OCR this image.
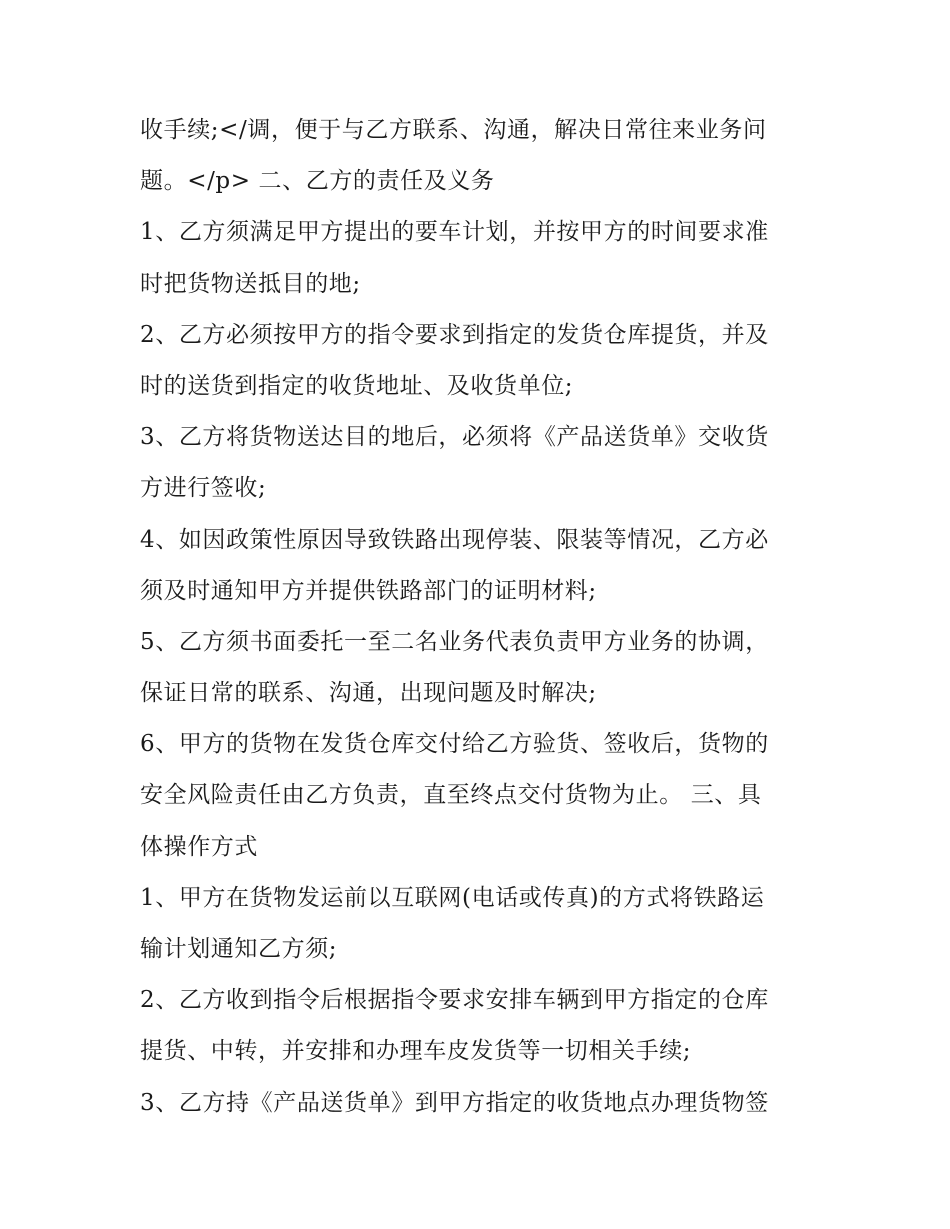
收手续;</调，便于与乙方联系、沟通，解决日常往来业务问
题。</p> 二、乙方的责任及义务
1、乙方须满足甲方提出的要车计划，并按甲方的时间要求准
时把货物送抵目的地;
2、乙方必须按甲方的指令要求到指定的发货仓库提货，并及
时的送货到指定的收货地址、及收货单位;
3、乙方将货物送达目的地后，必须将《产品送货单》交收货
方进行签收;
4、如因政策性原因导致铁路出现停装、限装等情况，乙方必
须及时通知甲方并提供铁路部门的证明材料;
5、乙方须书面委托一至二名业务代表负责甲方业务的协调，
保证日常的联系、沟通，出现问题及时解决;
6、甲方的货物在发货仓库交付给乙方验货、签收后，货物的
安全风险责任由乙方负责，直至终点交付货物为止。 三、具
体操作方式
1、甲方在货物发运前以互联网(电话或传真)的方式将铁路运
输计划通知乙方须;
2、乙方收到指令后根据指令要求安排车辆到甲方指定的仓库
提货、中转，并安排和办理车皮发货等一切相关手续;
3、乙方持《产品送货单》到甲方指定的收货地点办理货物签
